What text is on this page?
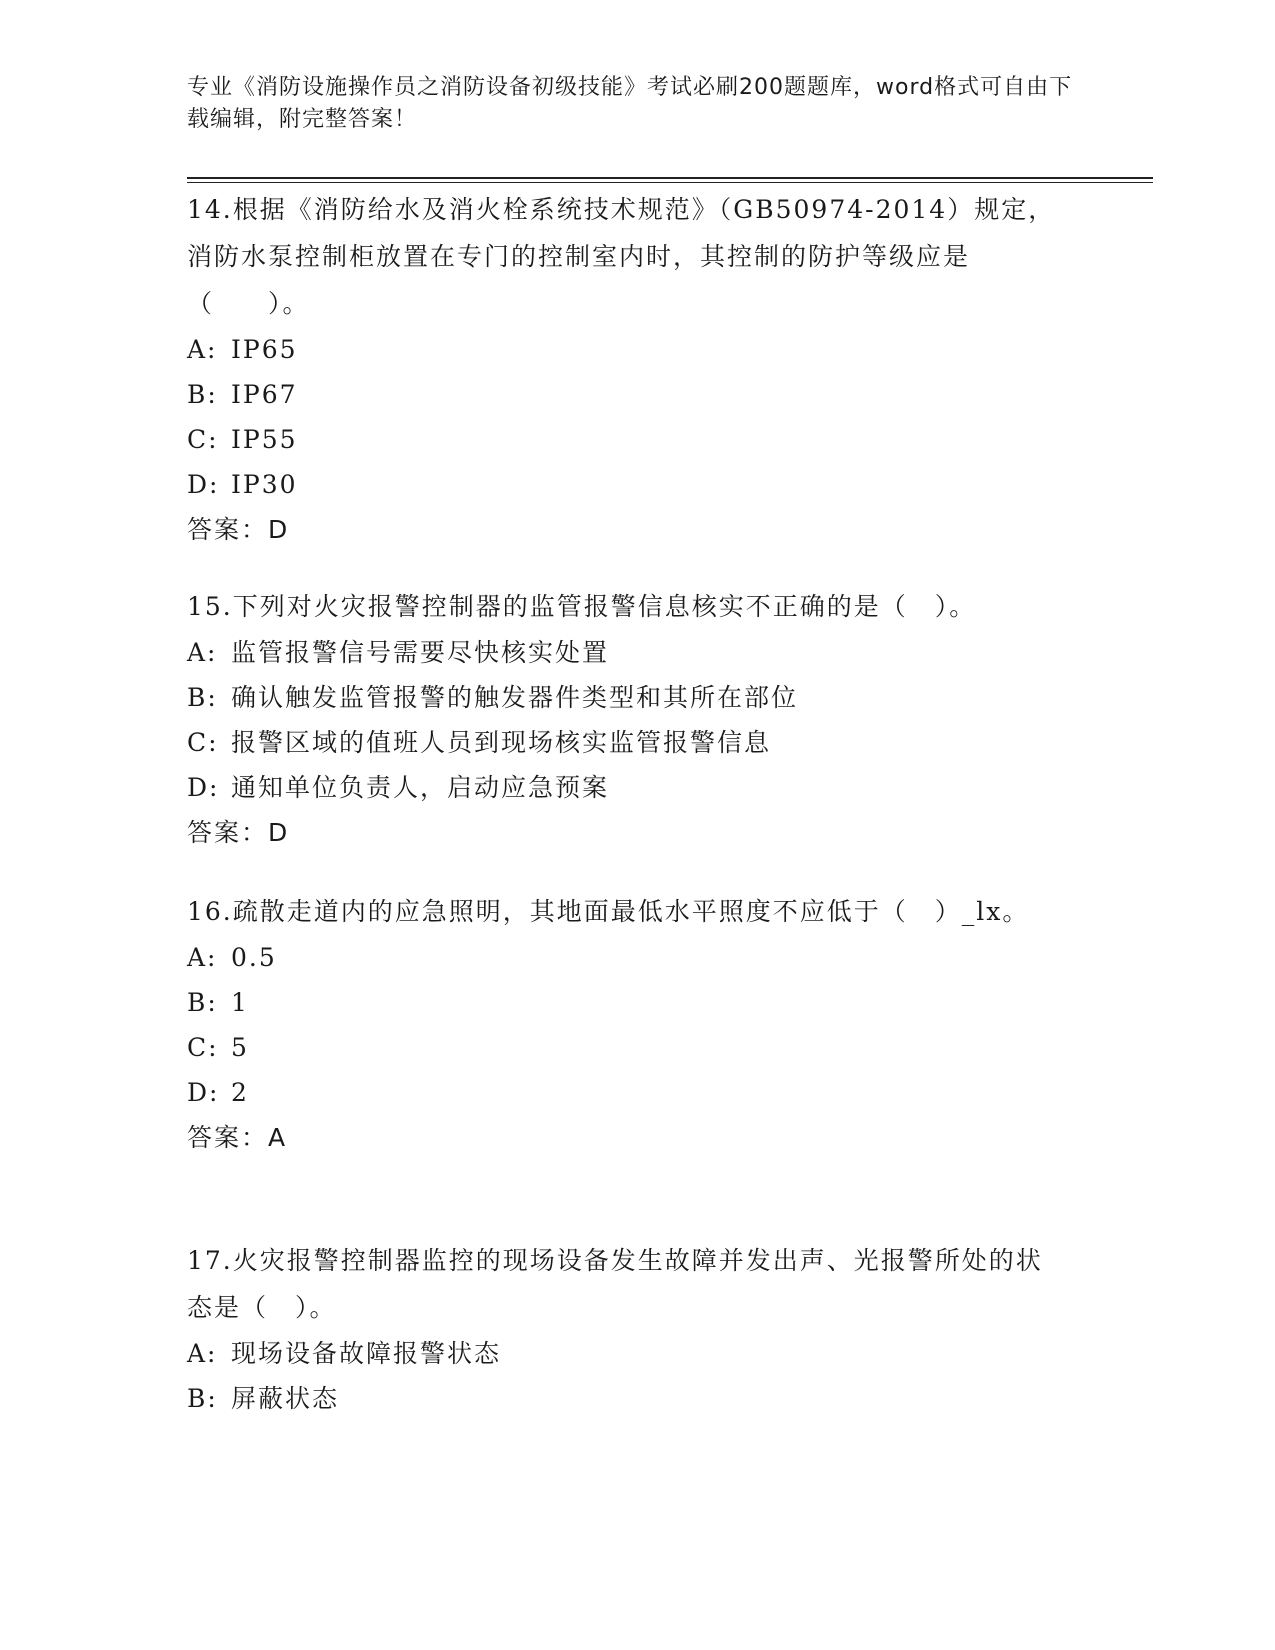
专业《消防设施操作员之消防设备初级技能》考试必刷200题题库，word格式可自由下载编辑，附完整答案！

14.根据《消防给水及消火栓系统技术规范》（GB50974-2014）规定，消防水泵控制柜放置在专门的控制室内时，其控制的防护等级应是（　　）。

A: IP65

B: IP67

C: IP55

D: IP30

答案：D

15.下列对火灾报警控制器的监管报警信息核实不正确的是（　）。

A: 监管报警信号需要尽快核实处置

B: 确认触发监管报警的触发器件类型和其所在部位

C: 报警区域的值班人员到现场核实监管报警信息

D: 通知单位负责人，启动应急预案

答案：D

16.疏散走道内的应急照明，其地面最低水平照度不应低于（　）_lx。

A: 0.5

B: 1

C: 5

D: 2

答案：A

17.火灾报警控制器监控的现场设备发生故障并发出声、光报警所处的状态是（　）。

A: 现场设备故障报警状态

B: 屏蔽状态
